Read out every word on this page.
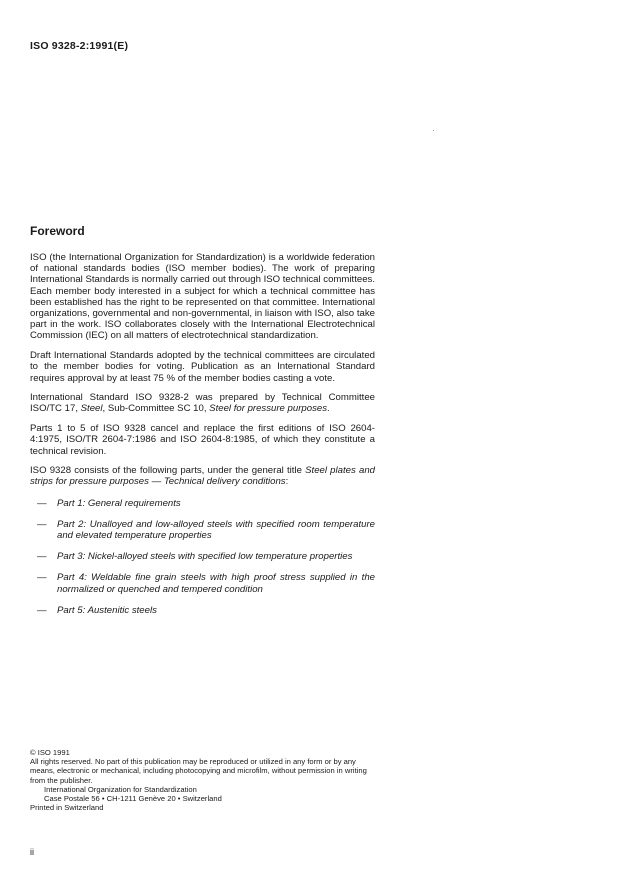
ISO 9328-2:1991(E)
Foreword

ISO (the International Organization for Standardization) is a worldwide federation of national standards bodies (ISO member bodies). The work of preparing International Standards is normally carried out through ISO technical committees. Each member body interested in a subject for which a technical committee has been established has the right to be represented on that committee. International organizations, governmental and non-governmental, in liaison with ISO, also take part in the work. ISO collaborates closely with the International Electrotechnical Commission (IEC) on all matters of electrotechnical standardization.

Draft International Standards adopted by the technical committees are circulated to the member bodies for voting. Publication as an International Standard requires approval by at least 75 % of the member bodies casting a vote.

International Standard ISO 9328-2 was prepared by Technical Committee ISO/TC 17, Steel, Sub-Committee SC 10, Steel for pressure purposes.

Parts 1 to 5 of ISO 9328 cancel and replace the first editions of ISO 2604-4:1975, ISO/TR 2604-7:1986 and ISO 2604-8:1985, of which they constitute a technical revision.

ISO 9328 consists of the following parts, under the general title Steel plates and strips for pressure purposes — Technical delivery conditions:

— Part 1: General requirements
— Part 2: Unalloyed and low-alloyed steels with specified room temperature and elevated temperature properties
— Part 3: Nickel-alloyed steels with specified low temperature properties
— Part 4: Weldable fine grain steels with high proof stress supplied in the normalized or quenched and tempered condition
— Part 5: Austenitic steels
© ISO 1991
All rights reserved. No part of this publication may be reproduced or utilized in any form or by any means, electronic or mechanical, including photocopying and microfilm, without permission in writing from the publisher.
International Organization for Standardization
Case Postale 56 • CH-1211 Genève 20 • Switzerland
Printed in Switzerland
ii
